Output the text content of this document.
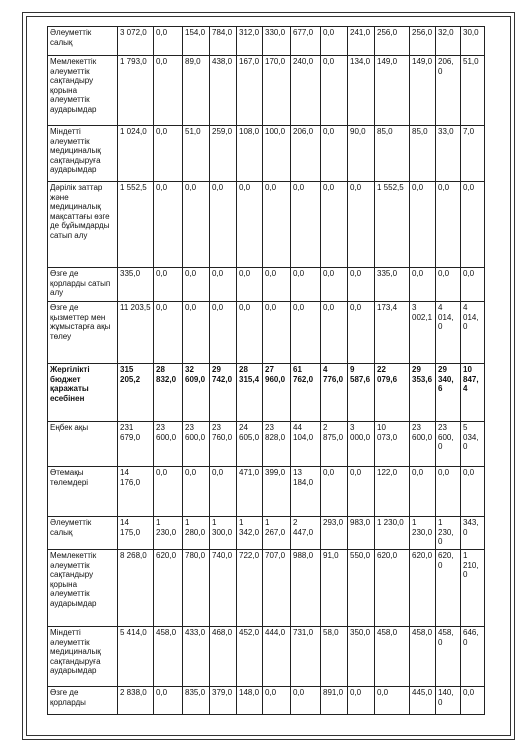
Әлеуметтік салық	3 072,0	0,0	154,0	784,0	312,0	330,0	677,0	0,0	241,0	256,0	256,0	32,0	30,0
Мемлекеттік әлеуметтік сақтандыру қорына әлеуметтік аударымдар	1 793,0	0,0	89,0	438,0	167,0	170,0	240,0	0,0	134,0	149,0	149,0	206,0	51,0
Міндетті әлеуметтік медициналық сақтандыруға аударымдар	1 024,0	0,0	51,0	259,0	108,0	100,0	206,0	0,0	90,0	85,0	85,0	33,0	7,0
Дәрілік заттар және медициналық мақсаттағы өзге де бұйымдарды сатып алу	1 552,5	0,0	0,0	0,0	0,0	0,0	0,0	0,0	0,0	1 552,5	0,0	0,0	0,0
Өзге де қорларды сатып алу	335,0	0,0	0,0	0,0	0,0	0,0	0,0	0,0	0,0	335,0	0,0	0,0	0,0
Өзге де қызметтер мен жұмыстарға ақы төлеу	11 203,5	0,0	0,0	0,0	0,0	0,0	0,0	0,0	0,0	173,4	3 002,1	4 014,0	4 014,0
Жергілікті бюджет қаражаты есебінен	315 205,2	28 832,0	32 609,0	29 742,0	28 315,4	27 960,0	61 762,0	4 776,0	9 587,6	22 079,6	29 353,6	29 340,6	10 847,4
Еңбек ақы	231 679,0	23 600,0	23 600,0	23 760,0	24 605,0	23 828,0	44 104,0	2 875,0	3 000,0	10 073,0	23 600,0	23 600,0	5 034,0
Өтемақы төлемдері	14 176,0	0,0	0,0	0,0	471,0	399,0	13 184,0	0,0	0,0	122,0	0,0	0,0	0,0
Әлеуметтік салық	14 175,0	1 230,0	1 280,0	1 300,0	1 342,0	1 267,0	2 447,0	293,0	983,0	1 230,0	1 230,0	1 230,0	343,0
Мемлекеттік әлеуметтік сақтандыру қорына әлеуметтік аударымдар	8 268,0	620,0	780,0	740,0	722,0	707,0	988,0	91,0	550,0	620,0	620,0	620,0	1 210,0
Міндетті әлеуметтік медициналық сақтандыруға аударымдар	5 414,0	458,0	433,0	468,0	452,0	444,0	731,0	58,0	350,0	458,0	458,0	458,0	646,0
Өзге де қорларды	2 838,0	0,0	835,0	379,0	148,0	0,0	0,0	891,0	0,0	0,0	445,0	140,0	0,0
